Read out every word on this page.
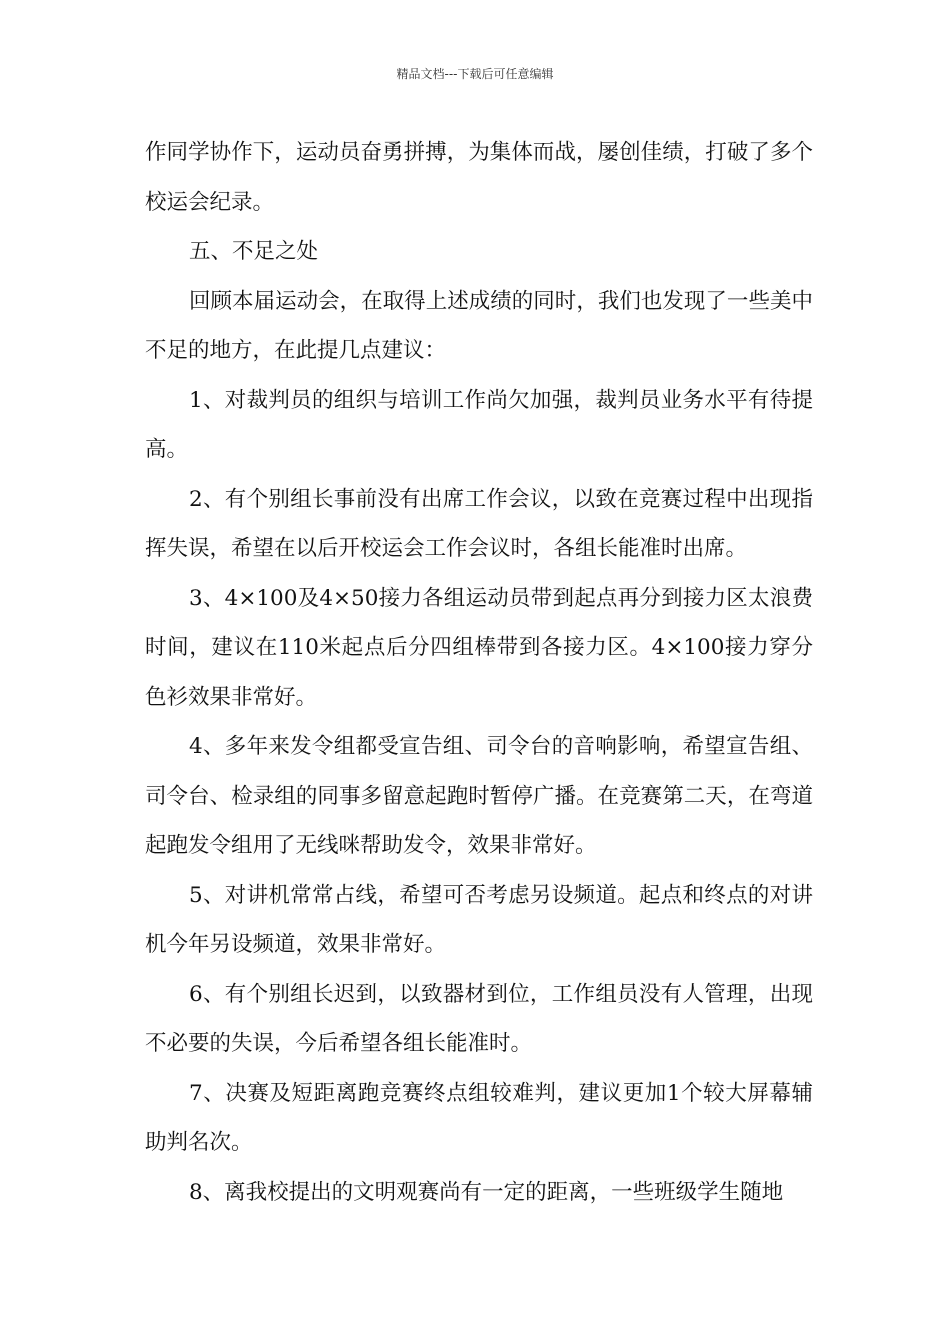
精品文档---下载后可任意编辑

作同学协作下，运动员奋勇拼搏，为集体而战，屡创佳绩，打破了多个校运会纪录。

五、不足之处

回顾本届运动会，在取得上述成绩的同时，我们也发现了一些美中不足的地方，在此提几点建议：

1、对裁判员的组织与培训工作尚欠加强，裁判员业务水平有待提高。

2、有个别组长事前没有出席工作会议，以致在竞赛过程中出现指挥失误，希望在以后开校运会工作会议时，各组长能准时出席。

3、4×100及4×50接力各组运动员带到起点再分到接力区太浪费时间，建议在110米起点后分四组棒带到各接力区。4×100接力穿分色衫效果非常好。

4、多年来发令组都受宣告组、司令台的音响影响，希望宣告组、司令台、检录组的同事多留意起跑时暂停广播。在竞赛第二天，在弯道起跑发令组用了无线咪帮助发令，效果非常好。

5、对讲机常常占线，希望可否考虑另设频道。起点和终点的对讲机今年另设频道，效果非常好。

6、有个别组长迟到，以致器材到位，工作组员没有人管理，出现不必要的失误，今后希望各组长能准时。

7、决赛及短距离跑竞赛终点组较难判，建议更加1个较大屏幕辅助判名次。

8、离我校提出的文明观赛尚有一定的距离，一些班级学生随地
